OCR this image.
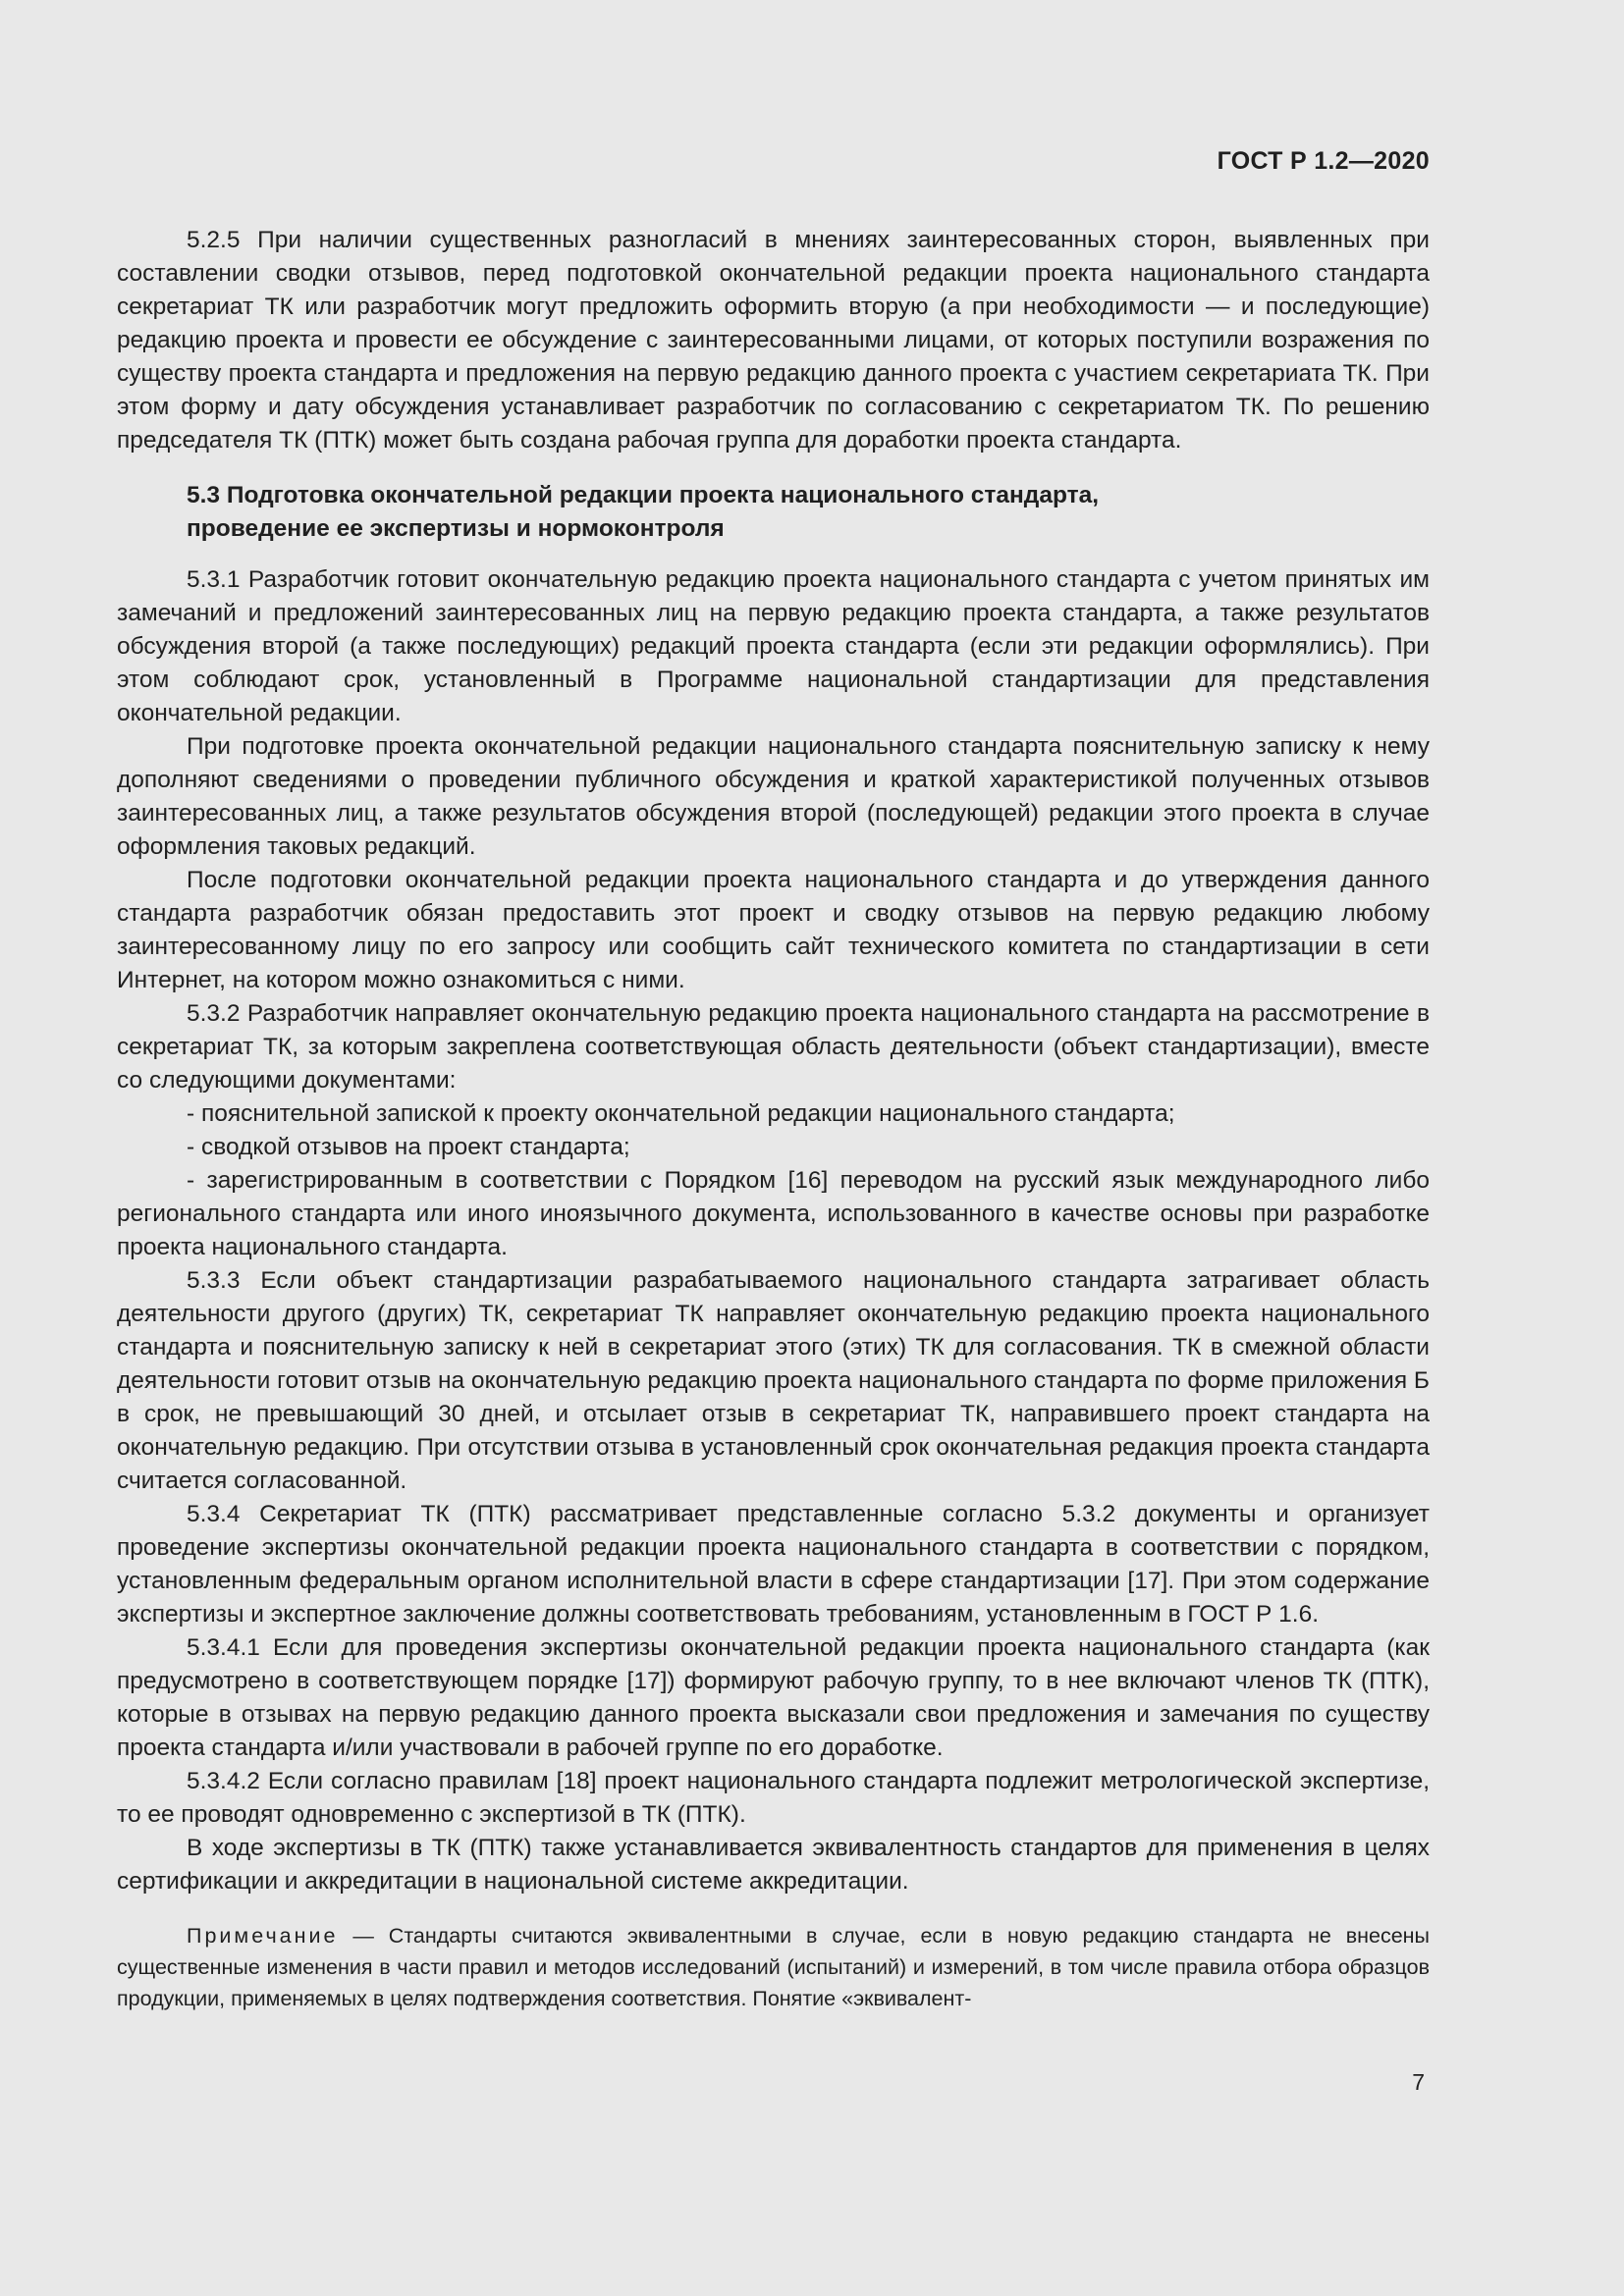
ГОСТ Р 1.2—2020

5.2.5 При наличии существенных разногласий в мнениях заинтересованных сторон, выявленных при составлении сводки отзывов, перед подготовкой окончательной редакции проекта национального стандарта секретариат ТК или разработчик могут предложить оформить вторую (а при необходимости — и последующие) редакцию проекта и провести ее обсуждение с заинтересованными лицами, от которых поступили возражения по существу проекта стандарта и предложения на первую редакцию данного проекта с участием секретариата ТК. При этом форму и дату обсуждения устанавливает разработчик по согласованию с секретариатом ТК. По решению председателя ТК (ПТК) может быть создана рабочая группа для доработки проекта стандарта.

5.3 Подготовка окончательной редакции проекта национального стандарта,
проведение ее экспертизы и нормоконтроля

5.3.1 Разработчик готовит окончательную редакцию проекта национального стандарта с учетом принятых им замечаний и предложений заинтересованных лиц на первую редакцию проекта стандарта, а также результатов обсуждения второй (а также последующих) редакций проекта стандарта (если эти редакции оформлялись). При этом соблюдают срок, установленный в Программе национальной стандартизации для представления окончательной редакции.

При подготовке проекта окончательной редакции национального стандарта пояснительную записку к нему дополняют сведениями о проведении публичного обсуждения и краткой характеристикой полученных отзывов заинтересованных лиц, а также результатов обсуждения второй (последующей) редакции этого проекта в случае оформления таковых редакций.

После подготовки окончательной редакции проекта национального стандарта и до утверждения данного стандарта разработчик обязан предоставить этот проект и сводку отзывов на первую редакцию любому заинтересованному лицу по его запросу или сообщить сайт технического комитета по стандартизации в сети Интернет, на котором можно ознакомиться с ними.

5.3.2 Разработчик направляет окончательную редакцию проекта национального стандарта на рассмотрение в секретариат ТК, за которым закреплена соответствующая область деятельности (объект стандартизации), вместе со следующими документами:

- пояснительной запиской к проекту окончательной редакции национального стандарта;

- сводкой отзывов на проект стандарта;

- зарегистрированным в соответствии с Порядком [16] переводом на русский язык международного либо регионального стандарта или иного иноязычного документа, использованного в качестве основы при разработке проекта национального стандарта.

5.3.3 Если объект стандартизации разрабатываемого национального стандарта затрагивает область деятельности другого (других) ТК, секретариат ТК направляет окончательную редакцию проекта национального стандарта и пояснительную записку к ней в секретариат этого (этих) ТК для согласования. ТК в смежной области деятельности готовит отзыв на окончательную редакцию проекта национального стандарта по форме приложения Б в срок, не превышающий 30 дней, и отсылает отзыв в секретариат ТК, направившего проект стандарта на окончательную редакцию. При отсутствии отзыва в установленный срок окончательная редакция проекта стандарта считается согласованной.

5.3.4 Секретариат ТК (ПТК) рассматривает представленные согласно 5.3.2 документы и организует проведение экспертизы окончательной редакции проекта национального стандарта в соответствии с порядком, установленным федеральным органом исполнительной власти в сфере стандартизации [17]. При этом содержание экспертизы и экспертное заключение должны соответствовать требованиям, установленным в ГОСТ Р 1.6.

5.3.4.1 Если для проведения экспертизы окончательной редакции проекта национального стандарта (как предусмотрено в соответствующем порядке [17]) формируют рабочую группу, то в нее включают членов ТК (ПТК), которые в отзывах на первую редакцию данного проекта высказали свои предложения и замечания по существу проекта стандарта и/или участвовали в рабочей группе по его доработке.

5.3.4.2 Если согласно правилам [18] проект национального стандарта подлежит метрологической экспертизе, то ее проводят одновременно с экспертизой в ТК (ПТК).

В ходе экспертизы в ТК (ПТК) также устанавливается эквивалентность стандартов для применения в целях сертификации и аккредитации в национальной системе аккредитации.

Примечание — Стандарты считаются эквивалентными в случае, если в новую редакцию стандарта не внесены существенные изменения в части правил и методов исследований (испытаний) и измерений, в том числе правила отбора образцов продукции, применяемых в целях подтверждения соответствия. Понятие «эквивалент-

7
